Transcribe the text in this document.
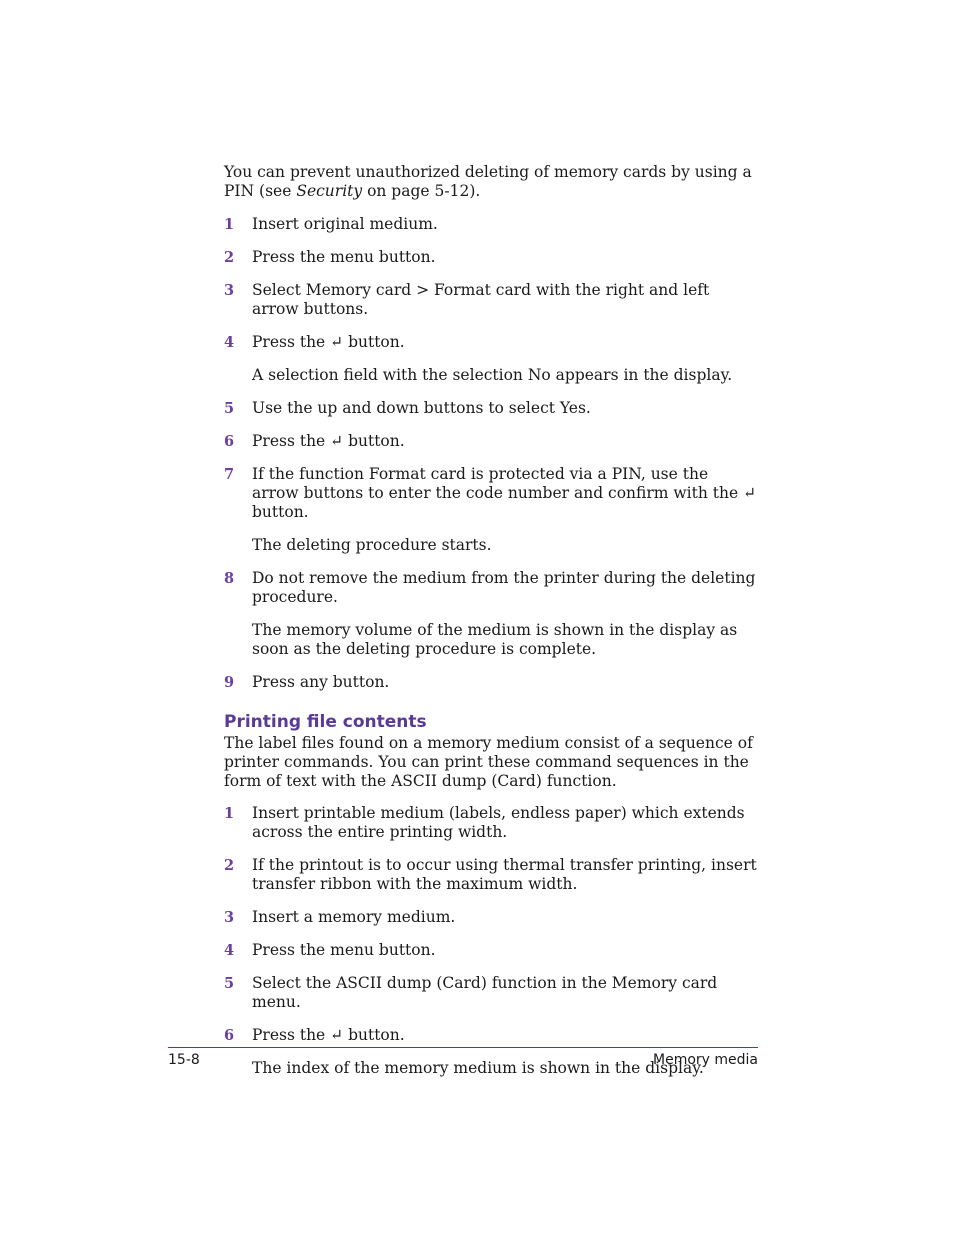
You can prevent unauthorized deleting of memory cards by using a PIN (see Security on page 5-12).

1 Insert original medium.

2 Press the menu button.

3 Select Memory card > Format card with the right and left arrow buttons.

4 Press the ↵ button.

A selection field with the selection No appears in the display.

5 Use the up and down buttons to select Yes.

6 Press the ↵ button.

7 If the function Format card is protected via a PIN, use the arrow buttons to enter the code number and confirm with the ↵ button.

The deleting procedure starts.

8 Do not remove the medium from the printer during the deleting procedure.

The memory volume of the medium is shown in the display as soon as the deleting procedure is complete.

9 Press any button.

Printing file contents

The label files found on a memory medium consist of a sequence of printer commands. You can print these command sequences in the form of text with the ASCII dump (Card) function.

1 Insert printable medium (labels, endless paper) which extends across the entire printing width.

2 If the printout is to occur using thermal transfer printing, insert transfer ribbon with the maximum width.

3 Insert a memory medium.

4 Press the menu button.

5 Select the ASCII dump (Card) function in the Memory card menu.

6 Press the ↵ button.

The index of the memory medium is shown in the display.

15-8	Memory media
